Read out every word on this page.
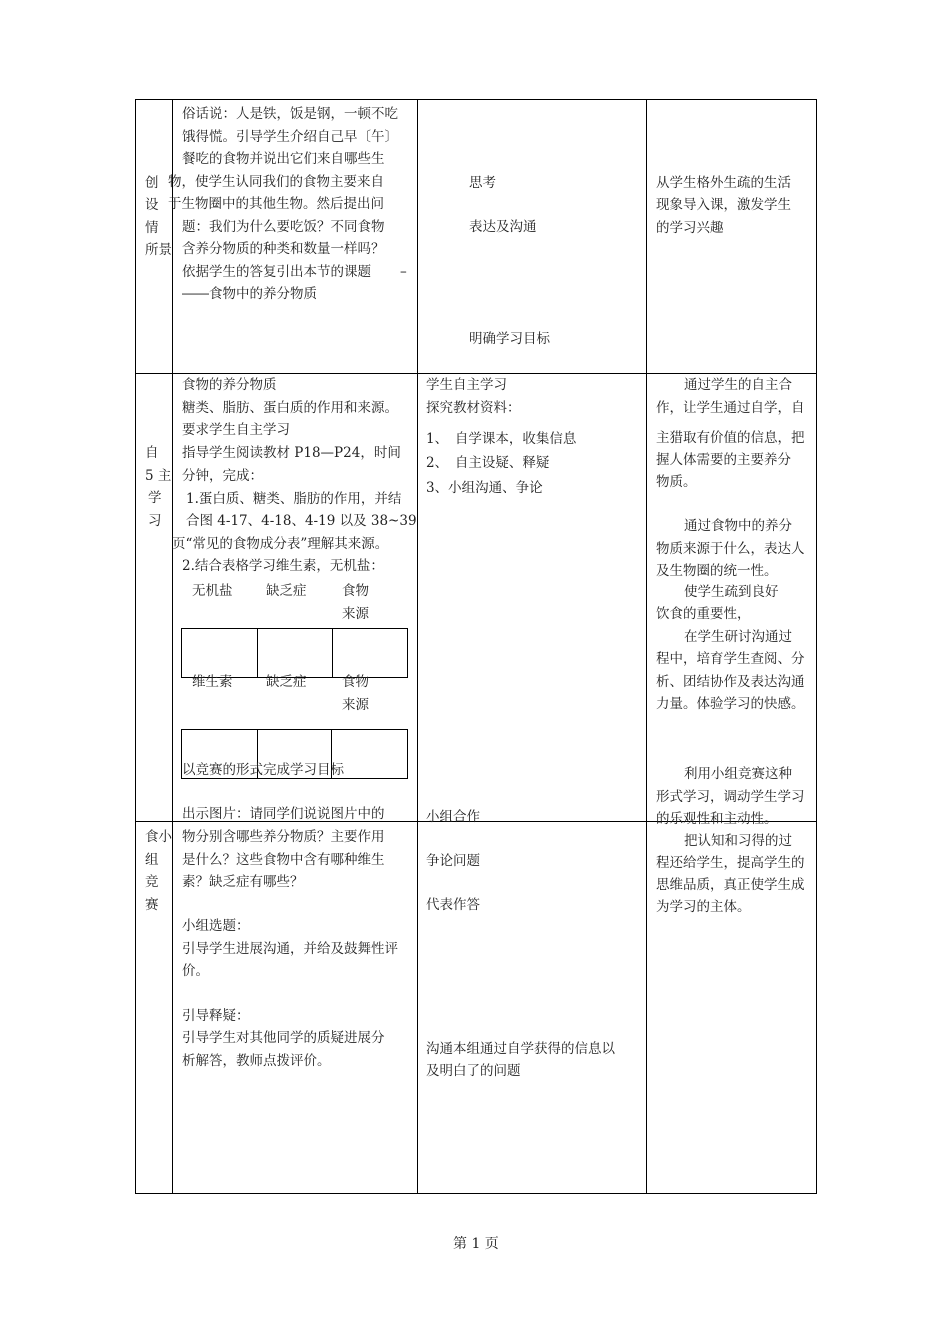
创
设
情
所景
俗话说：人是铁，饭是钢，一顿不吃
饿得慌。引导学生介绍自己早〔午〕
餐吃的食物并说出它们来自哪些生
物，使学生认同我们的食物主要来自
于生物圈中的其他生物。然后提出问
题：我们为什么要吃饭？不同食物
含养分物质的种类和数量一样吗？
依据学生的答复引出本节的课题 –
――食物中的养分物质
思考
表达及沟通
明确学习目标
从学生格外生疏的生活
现象导入课，激发学生
的学习兴趣
自
5 主
学
习
食物的养分物质
糖类、脂肪、蛋白质的作用和来源。
要求学生自主学习
指导学生阅读教材 P18—P24，时间
分钟，完成：
1.蛋白质、糖类、脂肪的作用，并结
合图 4-17、4-18、4-19 以及 38~39
页“常见的食物成分表”理解其来源。
2.结合表格学习维生素，无机盐：
无机盐 缺乏症	食物
来源
维生素 缺乏症	食物
来源
以竞赛的形式完成学习目标
出示图片：请同学们说说图片中的
学生自主学习
探究教材资料：
1、　自学课本，收集信息
2、　自主设疑、释疑
3、小组沟通、争论
通过学生的自主合
作，让学生通过自学，自
主猎取有价值的信息，把
握人体需要的主要养分
物质。
通过食物中的养分
物质来源于什么，表达人
及生物圈的统一性。
使学生疏到良好
饮食的重要性，
在学生研讨沟通过
程中，培育学生查阅、分
析、团结协作及表达沟通
力量。体验学习的快感。
利用小组竞赛这种
形式学习，调动学生学习
的乐观性和主动性。
食小
组
竞
赛
物分别含哪些养分物质？主要作用
是什么？这些食物中含有哪种维生
素？缺乏症有哪些？
小组选题：
引导学生进展沟通，并给及鼓舞性评
价。
引导释疑：
引导学生对其他同学的质疑进展分
析解答，教师点拨评价。
小组合作
争论问题
代表作答
沟通本组通过自学获得的信息以
及明白了的问题
把认知和习得的过
程还给学生，提高学生的
思维品质，真正使学生成
为学习的主体。
第 1 页
